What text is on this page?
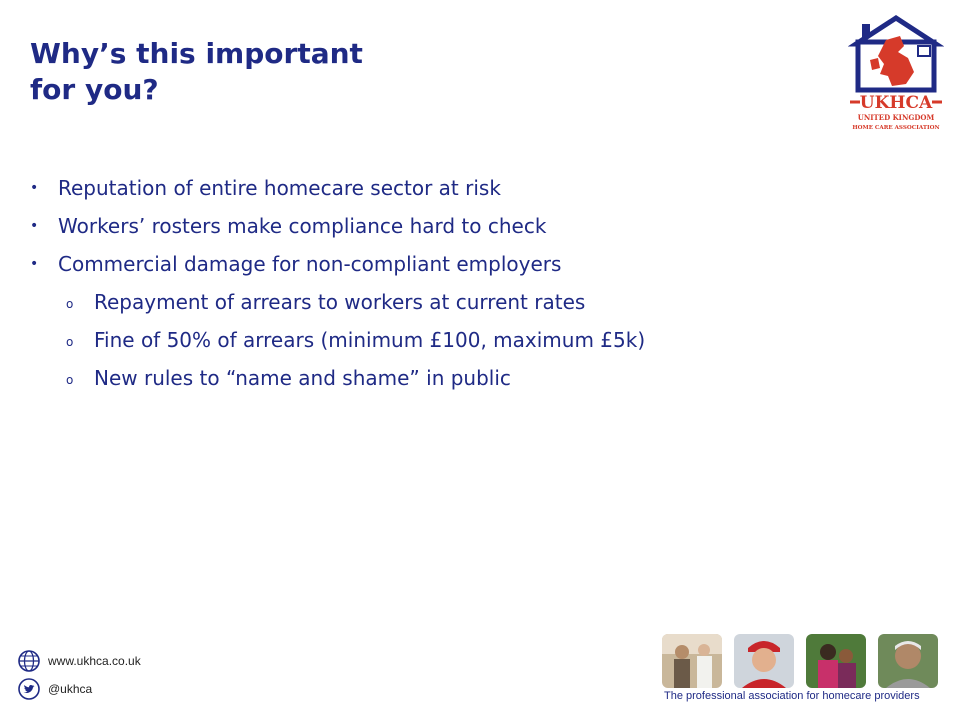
Why’s this important
for you?
• Reputation of entire homecare sector at risk
• Workers’ rosters make compliance hard to check
• Commercial damage for non-compliant employers
o Repayment of arrears to workers at current rates
o Fine of 50% of arrears (minimum £100, maximum £5k)
o New rules to “name and shame” in public
UKHCA
UNITED KINGDOM
HOME CARE ASSOCIATION
www.ukhca.co.uk
@ukhca	The professional association for homecare providers
